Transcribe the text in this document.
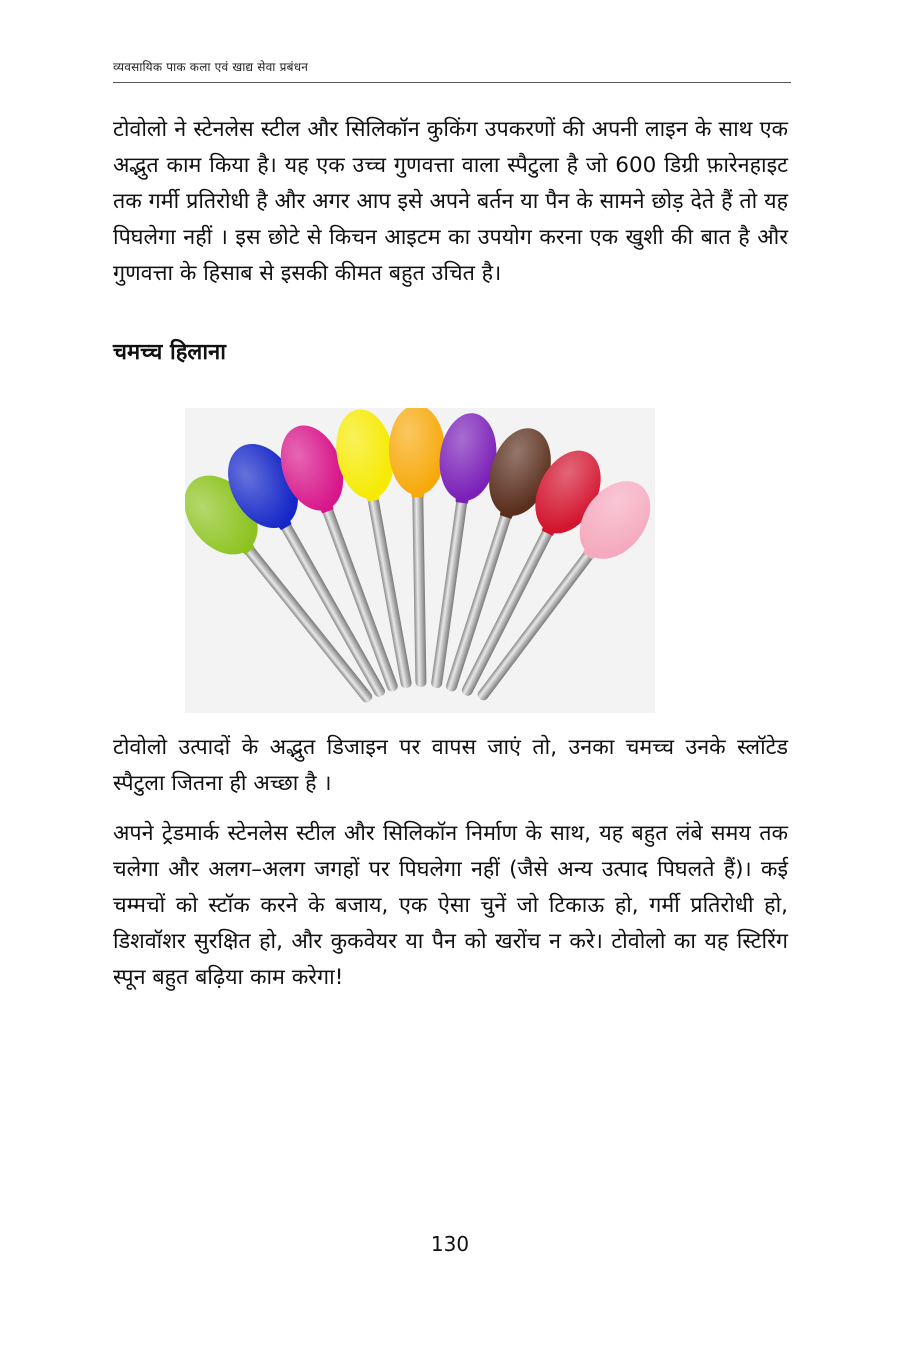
व्यवसायिक पाक कला एवं खाद्य सेवा प्रबंधन

टोवोलो ने स्टेनलेस स्टील और सिलिकॉन कुकिंग उपकरणों की अपनी लाइन के साथ एक अद्भुत काम किया है। यह एक उच्च गुणवत्ता वाला स्पैटुला है जो 600 डिग्री फ़ारेनहाइट तक गर्मी प्रतिरोधी है और अगर आप इसे अपने बर्तन या पैन के सामने छोड़ देते हैं तो यह पिघलेगा नहीं । इस छोटे से किचन आइटम का उपयोग करना एक खुशी की बात है और गुणवत्ता के हिसाब से इसकी कीमत बहुत उचित है।

चमच्च हिलाना

टोवोलो उत्पादों के अद्भुत डिजाइन पर वापस जाएं तो, उनका चमच्च उनके स्लॉटेड स्पैटुला जितना ही अच्छा है ।

अपने ट्रेडमार्क स्टेनलेस स्टील और सिलिकॉन निर्माण के साथ, यह बहुत लंबे समय तक चलेगा और अलग–अलग जगहों पर पिघलेगा नहीं (जैसे अन्य उत्पाद पिघलते हैं)। कई चम्मचों को स्टॉक करने के बजाय, एक ऐसा चुनें जो टिकाऊ हो, गर्मी प्रतिरोधी हो, डिशवॉशर सुरक्षित हो, और कुकवेयर या पैन को खरोंच न करे। टोवोलो का यह स्टिरिंग स्पून बहुत बढ़िया काम करेगा!

130
